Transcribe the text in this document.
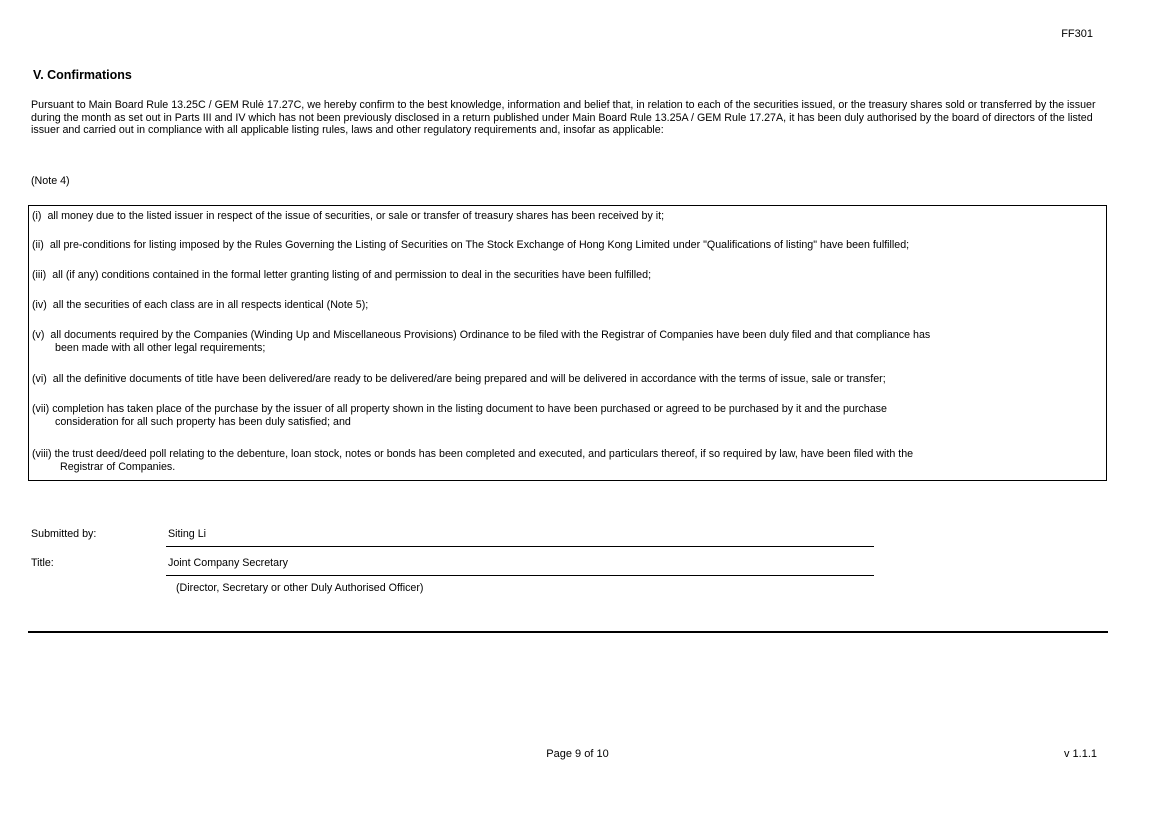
FF301
V. Confirmations
Pursuant to Main Board Rule 13.25C / GEM Rulė 17.27C, we hereby confirm to the best knowledge, information and belief that, in relation to each of the securities issued, or the treasury shares sold or transferred by the issuer during the month as set out in Parts III and IV which has not been previously disclosed in a return published under Main Board Rule 13.25A / GEM Rule 17.27A, it has been duly authorised by the board of directors of the listed issuer and carried out in compliance with all applicable listing rules, laws and other regulatory requirements and, insofar as applicable:
(Note 4)
(i) all money due to the listed issuer in respect of the issue of securities, or sale or transfer of treasury shares has been received by it;
(ii) all pre-conditions for listing imposed by the Rules Governing the Listing of Securities on The Stock Exchange of Hong Kong Limited under "Qualifications of listing" have been fulfilled;
(iii) all (if any) conditions contained in the formal letter granting listing of and permission to deal in the securities have been fulfilled;
(iv) all the securities of each class are in all respects identical (Note 5);
(v) all documents required by the Companies (Winding Up and Miscellaneous Provisions) Ordinance to be filed with the Registrar of Companies have been duly filed and that compliance has
been made with all other legal requirements;
(vi) all the definitive documents of title have been delivered/are ready to be delivered/are being prepared and will be delivered in accordance with the terms of issue, sale or transfer;
(vii) completion has taken place of the purchase by the issuer of all property shown in the listing document to have been purchased or agreed to be purchased by it and the purchase
consideration for all such property has been duly satisfied; and
(viii) the trust deed/deed poll relating to the debenture, loan stock, notes or bonds has been completed and executed, and particulars thereof, if so required by law, have been filed with the
Registrar of Companies.
Submitted by:	Siting Li
Title:	Joint Company Secretary
(Director, Secretary or other Duly Authorised Officer)
Page 9 of 10	v 1.1.1
